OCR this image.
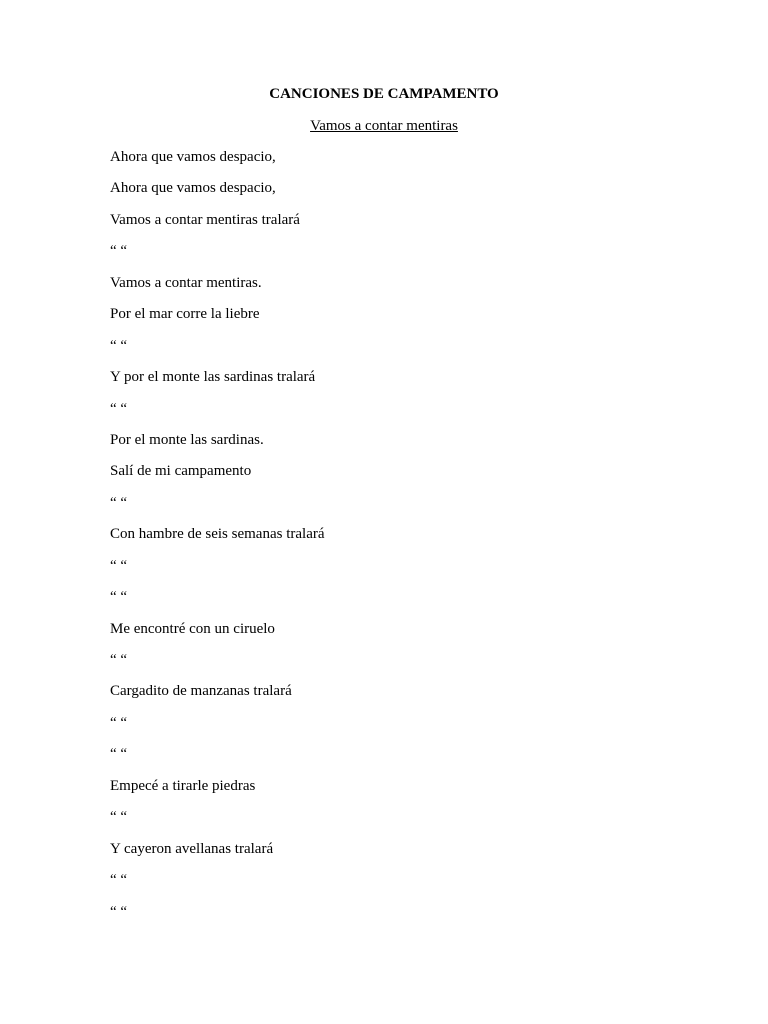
CANCIONES DE CAMPAMENTO

Vamos a contar mentiras

Ahora que vamos despacio,
Ahora que vamos despacio,
Vamos a contar mentiras tralará
“ “
Vamos a contar mentiras.
Por el mar corre la liebre
“ “
Y por el monte las sardinas tralará
“ “
Por el monte las sardinas.
Salí de mi campamento
“ “
Con hambre de seis semanas tralará
“ “
“ “
Me encontré con un ciruelo
“ “
Cargadito de manzanas tralará
“ “
“ “
Empecé a tirarle piedras
“ “
Y cayeron avellanas tralará
“ “
“ “
